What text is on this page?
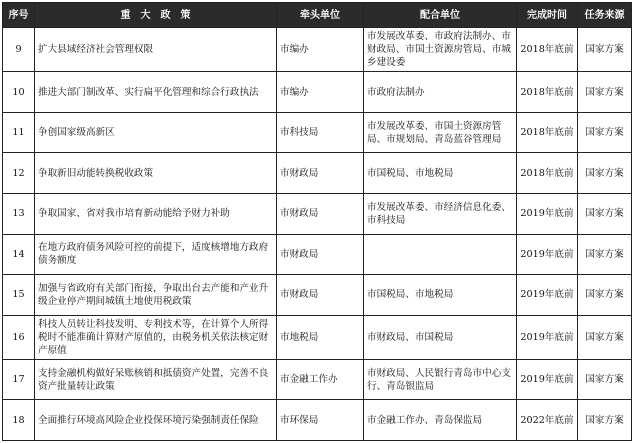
序号	重　大　政　策	牵头单位	配合单位	完成时间	任务来源
9	扩大县域经济社会管理权限	市编办	市发展改革委、市政府法制办、市财政局、市国土资源房管局、市城乡建设委	2018年底前	国家方案
10	推进大部门制改革、实行扁平化管理和综合行政执法	市编办	市政府法制办	2018年底前	国家方案
11	争创国家级高新区	市科技局	市发展改革委、市国土资源房管局、市规划局、青岛蓝谷管理局	2018年底前	国家方案
12	争取新旧动能转换税收政策	市财政局	市国税局、市地税局	2018年底前	国家方案
13	争取国家、省对我市培育新动能给予财力补助	市财政局	市发展改革委、市经济信息化委、市科技局	2019年底前	国家方案
14	在地方政府债务风险可控的前提下，适度核增地方政府债务额度	市财政局		2019年底前	国家方案
15	加强与省政府有关部门衔接，争取出台去产能和产业升级企业停产期间城镇土地使用税政策	市财政局	市国税局、市地税局	2019年底前	国家方案
16	科技人员转让科技发明、专利技术等，在计算个人所得税时不能准确计算财产原值的，由税务机关依法核定财产原值	市地税局	市财政局、市国税局	2019年底前	国家方案
17	支持金融机构做好呆账核销和抵债资产处置，完善不良资产批量转让政策	市金融工作办	市财政局、人民银行青岛市中心支行、青岛银监局	2019年底前	国家方案
18	全面推行环境高风险企业投保环境污染强制责任保险	市环保局	市金融工作办、青岛保监局	2022年底前	国家方案
